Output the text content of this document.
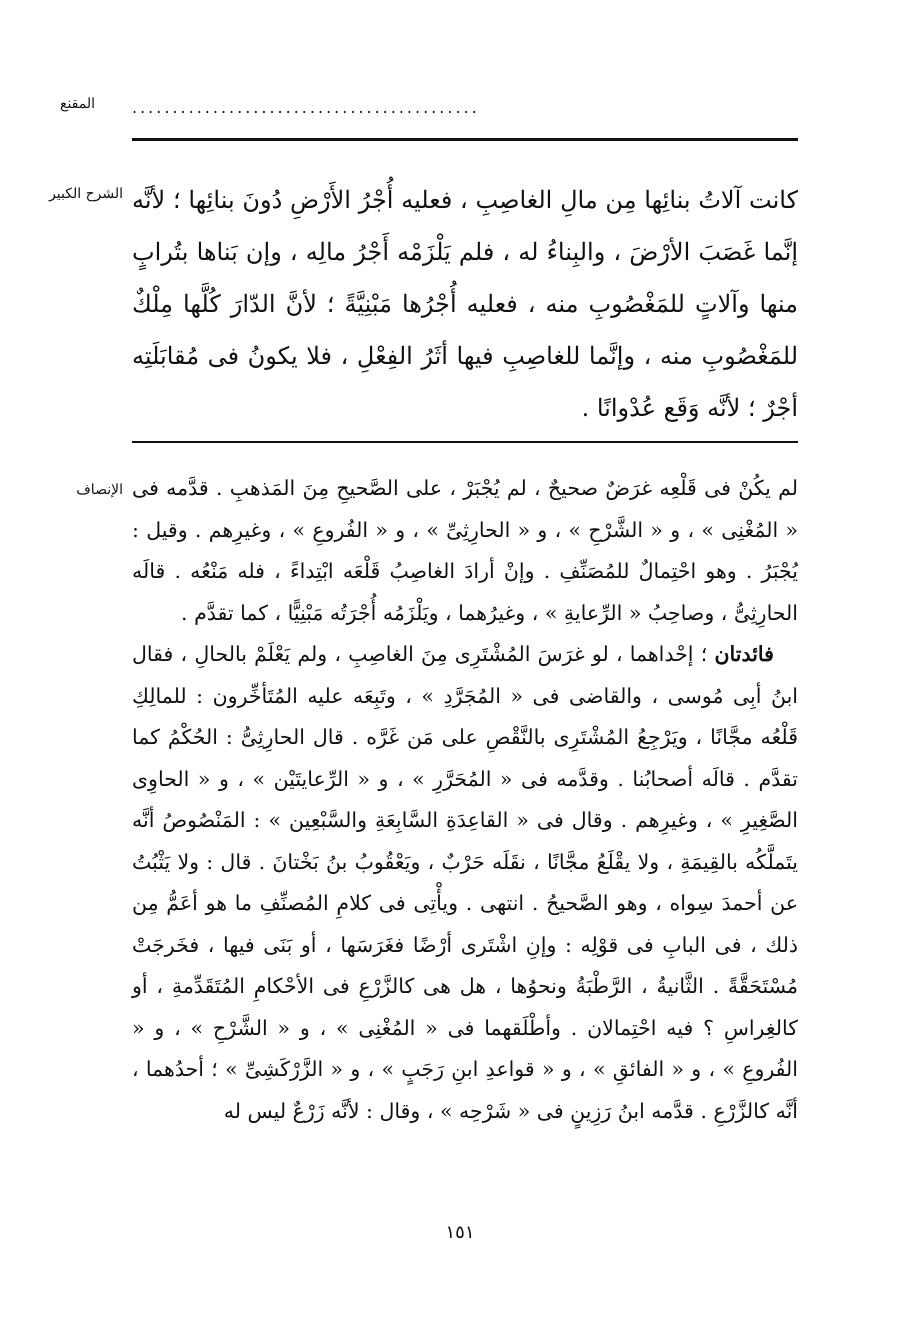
المقنع ...........................................
الشرح الكبير كانت آلاتُ بنائِها مِن مالِ الغاصِبِ ، فعليه أُجْرُ الأَرْضِ دُونَ بنائِها ؛ لأنَّه إنَّما غَصَبَ الأرْضَ ، والبِناءُ له ، فلم يَلْزَمْه أَجْرُ مالِه ، وإن بَناها بتُرابٍ منها وآلاتٍ للمَغْصُوبِ منه ، فعليه أُجْرُها مَبْنِيَّةً ؛ لأنَّ الدّارَ كُلَّها مِلْكٌ للمَغْصُوبِ منه ، وإنَّما للغاصِبِ فيها أثَرُ الفِعْلِ ، فلا يكونُ فى مُقابَلَتِه أجْرٌ ؛ لأنَّه وَقَع عُدْوانًا .

الإنصاف لم يكُنْ فى قَلْعِه غرَضٌ صحيحٌ ، لم يُجْبَرْ ، على الصَّحيحِ مِنَ المَذهبِ . قدَّمه فى « المُغْنِى » ، و « الشَّرْحِ » ، و « الحارِثِىِّ » ، و « الفُروعِ » ، وغيرِهم . وقيل : يُجْبَرُ . وهو احْتِمالٌ للمُصَنِّفِ . وإنْ أرادَ الغاصِبُ قَلْعَه ابْتِداءً ، فله مَنْعُه . قالَه الحارِثِىُّ ، وصاحِبُ « الرِّعايةِ » ، وغيرُهما ، ويَلْزَمُه أُجْرَتُه مَبْنِيًّا ، كما تقدَّم .

فائدتان ؛ إحْداهما ، لو غرَسَ المُشْتَرِى مِنَ الغاصِبِ ، ولم يَعْلَمْ بالحالِ ، فقال ابنُ أبِى مُوسى ، والقاضى فى « المُجَرَّدِ » ، وتَبِعَه عليه المُتَأخِّرون : للمالِكِ قَلْعُه مجَّانًا ، ويَرْجِعُ المُشْتَرِى بالنَّقْصِ على مَن غَرَّه . قال الحارِثِىُّ : الحُكْمُ كما تقدَّم . قالَه أصحابُنا . وقدَّمه فى « المُحَرَّرِ » ، و « الرِّعايتَيْن » ، و « الحاوِى الصَّغِيرِ » ، وغيرِهم . وقال فى « القاعِدَةِ السَّابِعَةِ والسَّبْعِين » : المَنْصُوصُ أنَّه يتَملَّكُه بالقِيمَةِ ، ولا يقْلَعُ مجَّانًا ، نقَلَه حَرْبٌ ، ويَعْقُوبُ بنُ بَخْتانَ . قال : ولا يَثْبُتُ عن أحمدَ سِواه ، وهو الصَّحيحُ . انتهى . ويأْتِى فى كلامِ المُصنِّفِ ما هو أعَمُّ مِن ذلك ، فى البابِ فى قوْلِه : وإنِ اشْتَرى أرْضًا فغَرَسَها ، أو بَنَى فيها ، فخَرجَتْ مُسْتَحَقَّةً . الثَّانيةُ ، الرَّطْبَةُ ونحوُها ، هل هى كالزَّرْعِ فى الأحْكامِ المُتَقَدِّمةِ ، أو كالغِراسِ ؟ فيه احْتِمالان . وأطْلَقهما فى « المُغْنِى » ، و « الشَّرْحِ » ، و « الفُروعِ » ، و « الفائقِ » ، و « قواعدِ ابنِ رَجَبٍ » ، و « الزَّرْكَشِىِّ » ؛ أحدُهما ، أنَّه كالزَّرْعِ . قدَّمه ابنُ رَزِينٍ فى « شَرْحِه » ، وقال : لأنَّه زَرْعٌ ليس له

١٥١
